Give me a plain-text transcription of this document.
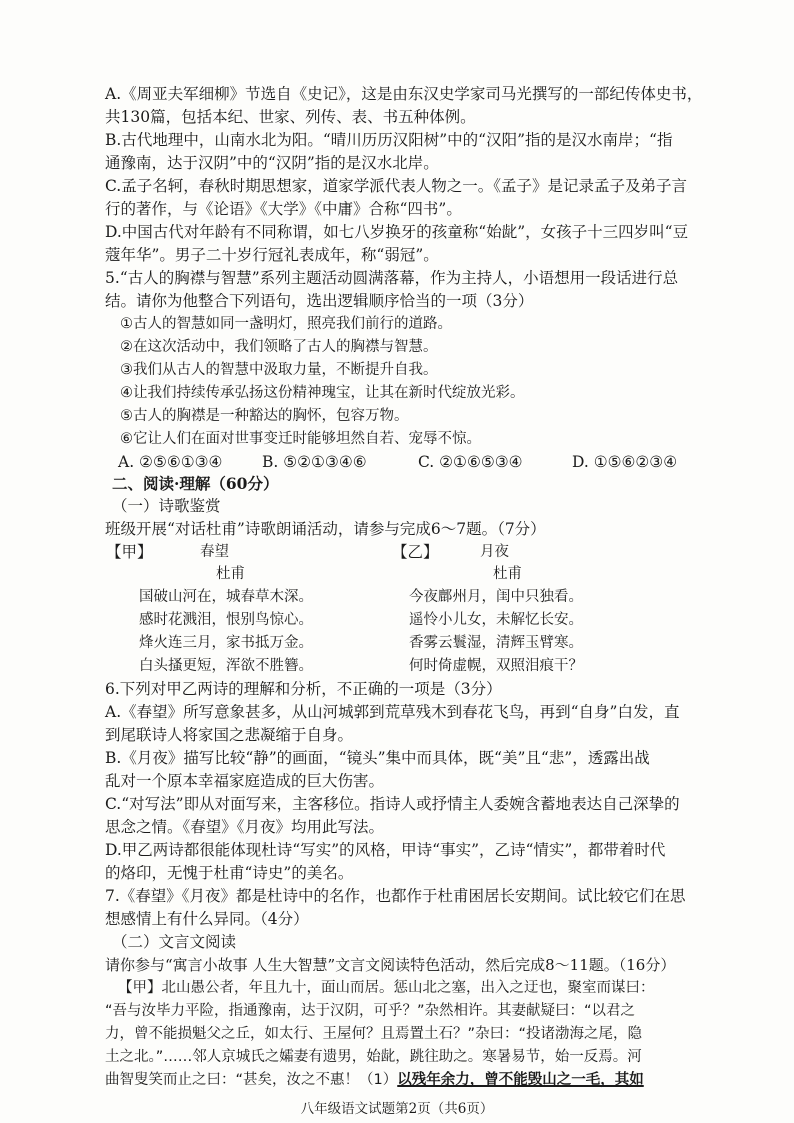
A.《周亚夫军细柳》节选自《史记》，这是由东汉史学家司马光撰写的一部纪传体史书，
共130篇，包括本纪、世家、列传、表、书五种体例。
B.古代地理中，山南水北为阳。“晴川历历汉阳树”中的“汉阳”指的是汉水南岸；“指
通豫南，达于汉阴”中的“汉阴”指的是汉水北岸。
C.孟子名轲，春秋时期思想家，道家学派代表人物之一。《孟子》是记录孟子及弟子言
行的著作，与《论语》《大学》《中庸》合称“四书”。
D.中国古代对年龄有不同称谓，如七八岁换牙的孩童称“始龀”，女孩子十三四岁叫“豆
蔻年华”。男子二十岁行冠礼表成年，称“弱冠”。
5.“古人的胸襟与智慧”系列主题活动圆满落幕，作为主持人，小语想用一段话进行总
结。请你为他整合下列语句，选出逻辑顺序恰当的一项（3分）
①古人的智慧如同一盏明灯，照亮我们前行的道路。
②在这次活动中，我们领略了古人的胸襟与智慧。
③我们从古人的智慧中汲取力量，不断提升自我。
④让我们持续传承弘扬这份精神瑰宝，让其在新时代绽放光彩。
⑤古人的胸襟是一种豁达的胸怀，包容万物。
⑥它让人们在面对世事变迁时能够坦然自若、宠辱不惊。
A. ②⑤⑥①③④	B. ⑤②①③④⑥	C. ②①⑥⑤③④	D. ①⑤⑥②③④
二、阅读·理解（60分）
（一）诗歌鉴赏
班级开展“对话杜甫”诗歌朗诵活动，请参与完成6～7题。（7分）
【甲】	春望
杜甫
国破山河在，城春草木深。
感时花溅泪，恨别鸟惊心。
烽火连三月，家书抵万金。
白头搔更短，浑欲不胜簪。
【乙】	月夜
杜甫
今夜鄜州月，闺中只独看。
遥怜小儿女，未解忆长安。
香雾云鬟湿，清辉玉臂寒。
何时倚虚幌，双照泪痕干？
6.下列对甲乙两诗的理解和分析，不正确的一项是（3分）
A.《春望》所写意象甚多，从山河城郭到荒草残木到春花飞鸟，再到“自身”白发，直
到尾联诗人将家国之悲凝缩于自身。
B.《月夜》描写比较“静”的画面，“镜头”集中而具体，既“美”且“悲”，透露出战
乱对一个原本幸福家庭造成的巨大伤害。
C.“对写法”即从对面写来，主客移位。指诗人或抒情主人委婉含蓄地表达自己深挚的
思念之情。《春望》《月夜》均用此写法。
D.甲乙两诗都很能体现杜诗“写实”的风格，甲诗“事实”，乙诗“情实”，都带着时代
的烙印，无愧于杜甫“诗史”的美名。
7.《春望》《月夜》都是杜诗中的名作，也都作于杜甫困居长安期间。试比较它们在思
想感情上有什么异同。（4分）
（二）文言文阅读
请你参与“寓言小故事 人生大智慧”文言文阅读特色活动，然后完成8～11题。（16分）
【甲】北山愚公者，年且九十，面山而居。惩山北之塞，出入之迂也，聚室而谋曰：
“吾与汝毕力平险，指通豫南，达于汉阴，可乎？”杂然相许。其妻献疑曰：“以君之
力，曾不能损魁父之丘，如太行、王屋何？且焉置土石？”杂曰：“投诸渤海之尾，隐
土之北。”……邻人京城氏之孀妻有遗男，始龀，跳往助之。寒暑易节，始一反焉。河
曲智叟笑而止之曰：“甚矣，汝之不惠！（1）以残年余力，曾不能毁山之一毛，其如
八年级语文试题第2页（共6页）
